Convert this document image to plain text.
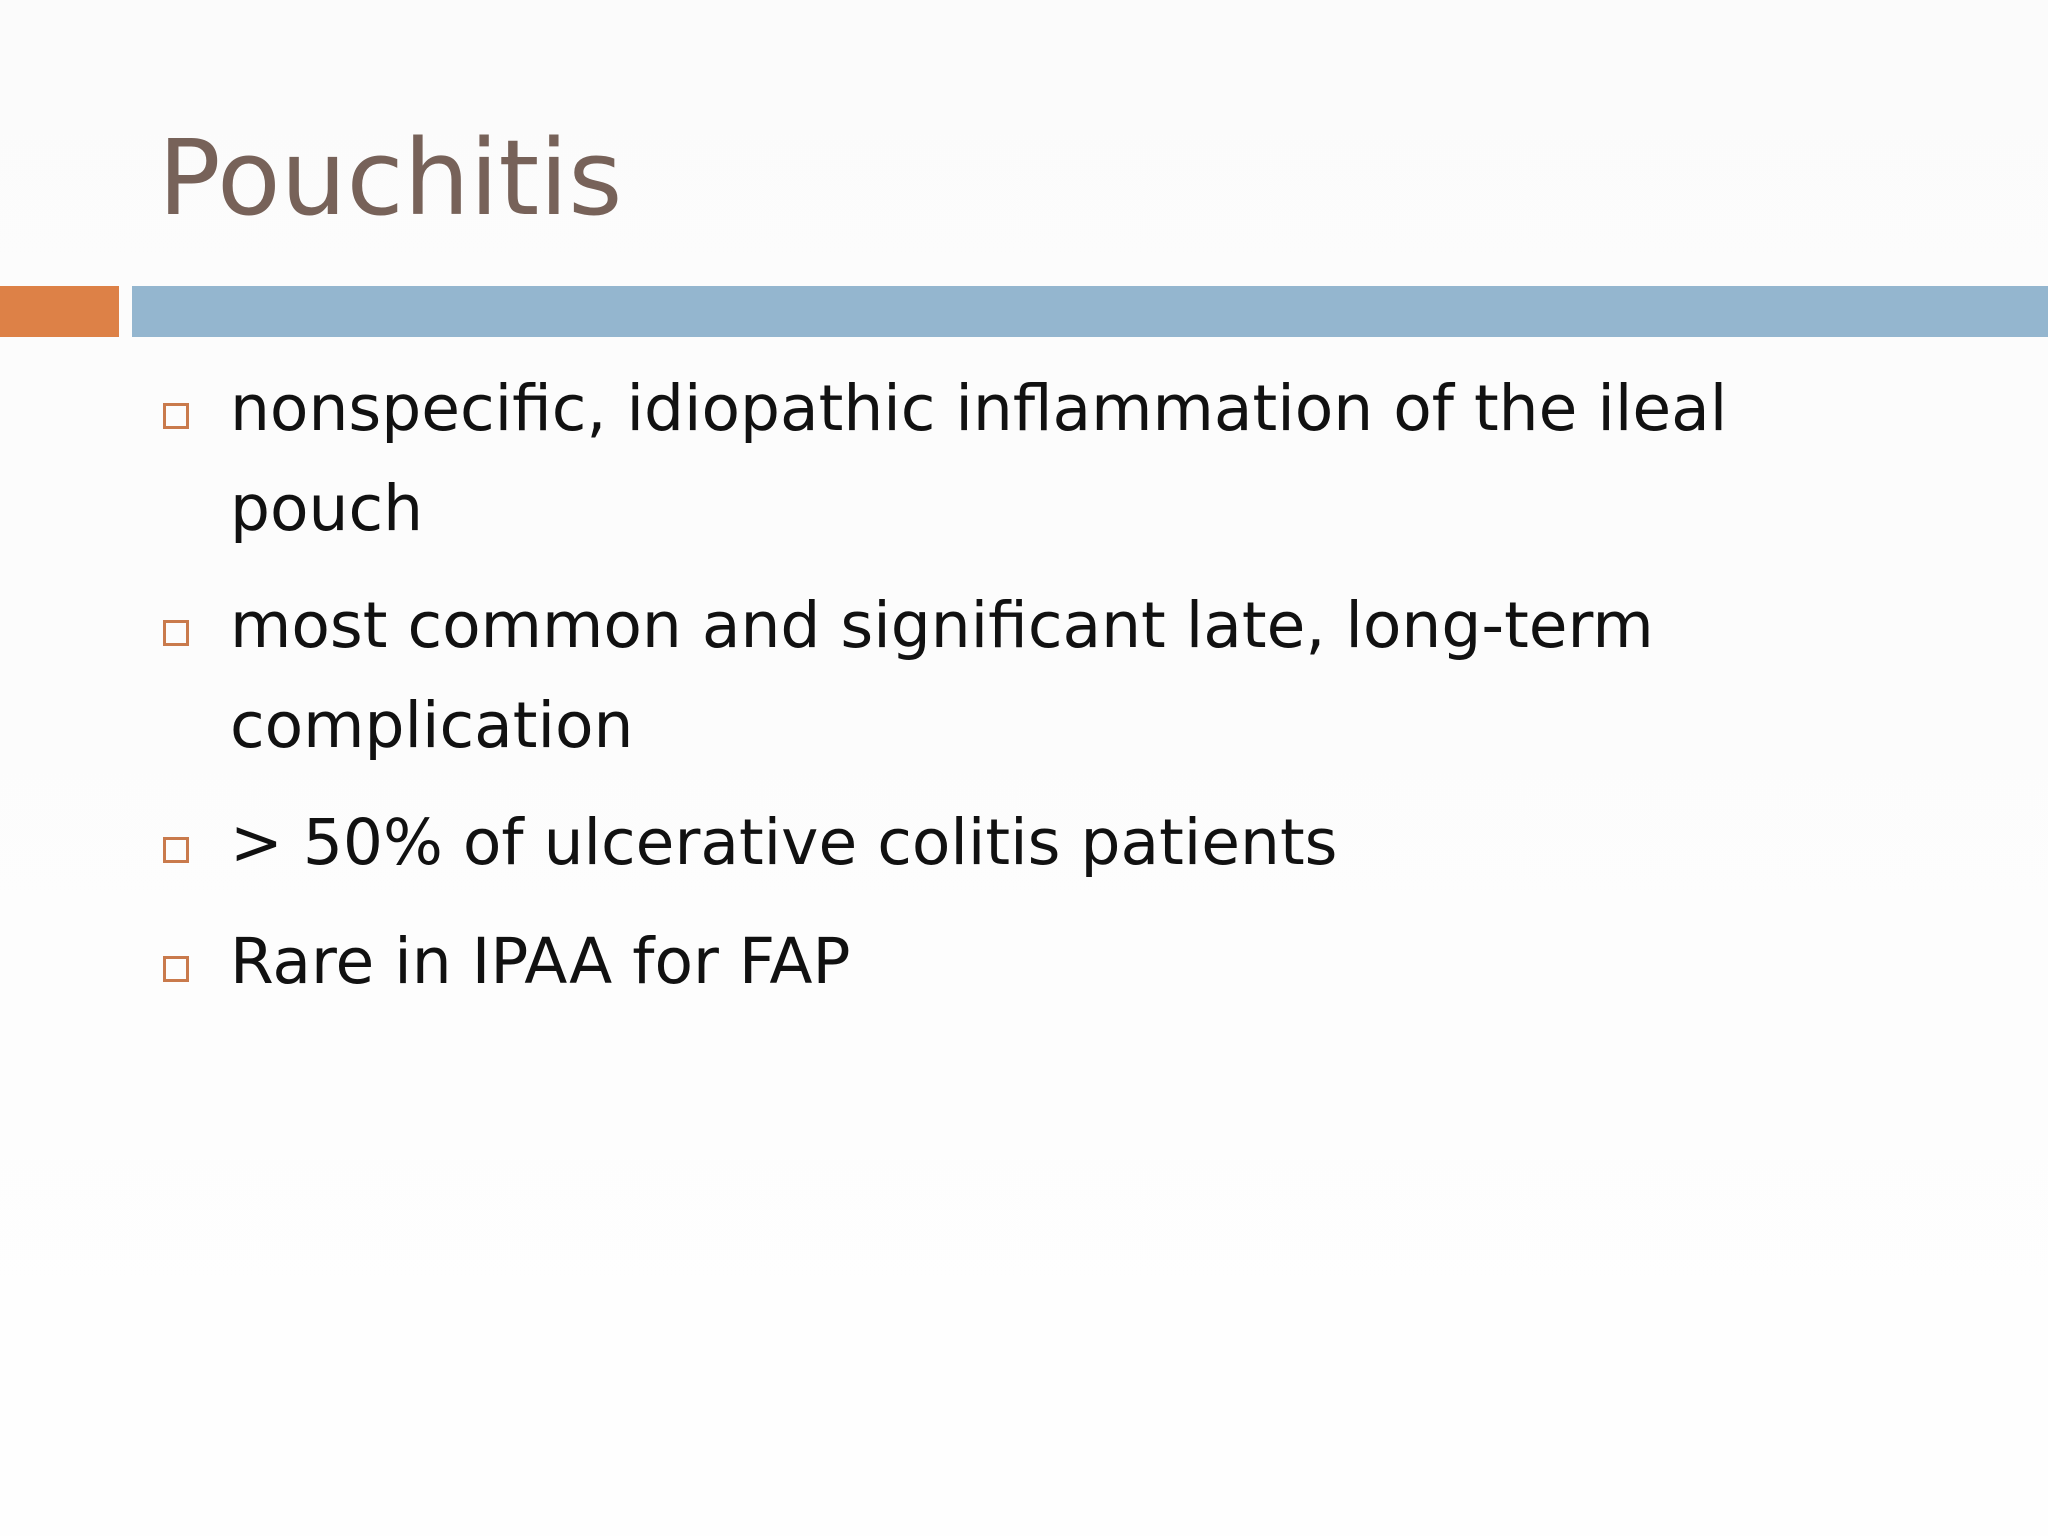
Pouchitis
nonspecific, idiopathic inflammation of the ileal pouch
most common and significant late, long-term complication
> 50% of ulcerative colitis patients
Rare in IPAA for FAP
